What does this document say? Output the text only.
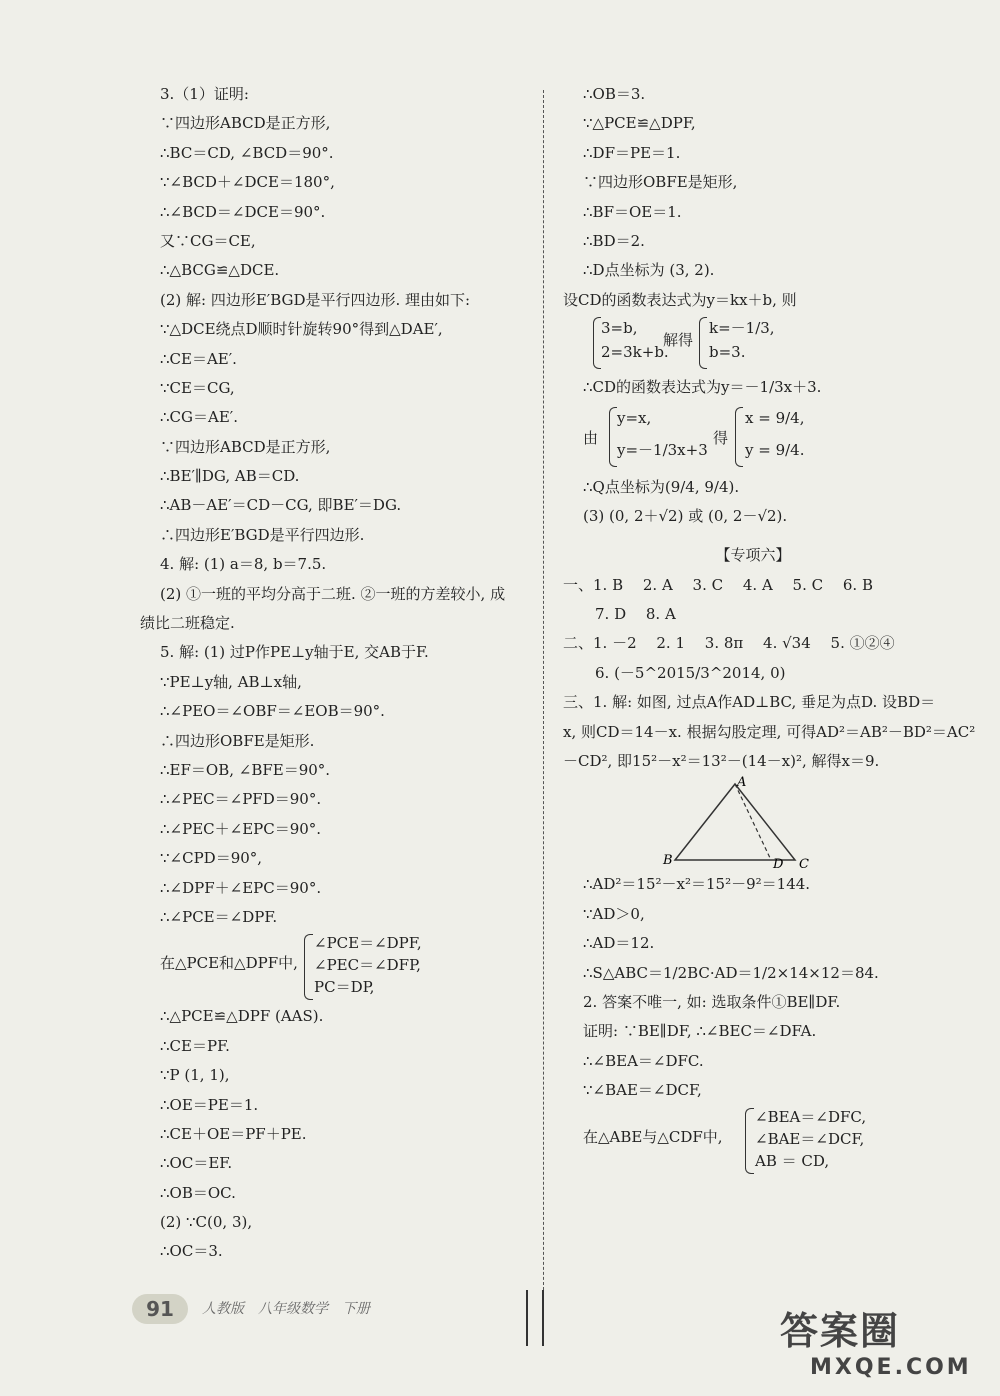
3.（1）证明:
∵四边形ABCD是正方形,
∴BC＝CD, ∠BCD＝90°.
∵∠BCD＋∠DCE＝180°,
∴∠BCD＝∠DCE＝90°.
又∵CG＝CE,
∴△BCG≌△DCE.
(2) 解: 四边形E′BGD是平行四边形. 理由如下:
∵△DCE绕点D顺时针旋转90°得到△DAE′,
∴CE＝AE′.
∵CE＝CG,
∴CG＝AE′.
∵四边形ABCD是正方形,
∴BE′∥DG, AB＝CD.
∴AB－AE′＝CD－CG, 即BE′＝DG.
∴四边形E′BGD是平行四边形.
4. 解: (1) a＝8, b＝7.5.
(2) ①一班的平均分高于二班. ②一班的方差较小, 成
绩比二班稳定.
5. 解: (1) 过P作PE⊥y轴于E, 交AB于F.
∵PE⊥y轴, AB⊥x轴,
∴∠PEO＝∠OBF＝∠EOB＝90°.
∴四边形OBFE是矩形.
∴EF＝OB, ∠BFE＝90°.
∴∠PEC＝∠PFD＝90°.
∴∠PEC＋∠EPC＝90°.
∵∠CPD＝90°,
∴∠DPF＋∠EPC＝90°.
∴∠PCE＝∠DPF.
在△PCE和△DPF中,
∠PCE＝∠DPF,
∠PEC＝∠DFP,
PC＝DP,
∴△PCE≌△DPF (AAS).
∴CE＝PF.
∵P (1, 1),
∴OE＝PE＝1.
∴CE＋OE＝PF＋PE.
∴OC＝EF.
∴OB＝OC.
(2) ∵C(0, 3),
∴OC＝3.
∴OB＝3.
∵△PCE≌△DPF,
∴DF＝PE＝1.
∵四边形OBFE是矩形,
∴BF＝OE＝1.
∴BD＝2.
∴D点坐标为 (3, 2).
设CD的函数表达式为y＝kx＋b, 则
3=b,
2=3k+b.
解得
k=－1/3,
b=3.
∴CD的函数表达式为y＝－1/3x＋3.
由
y=x,
y=－1/3x+3
得
x = 9/4,
y = 9/4.
∴Q点坐标为(9/4, 9/4).
(3) (0, 2＋√2) 或 (0, 2－√2).
【专项六】
一、1. B　 2. A　 3. C　 4. A　 5. C　 6. B
7. D　 8. A
二、1. －2　 2. 1　 3. 8π　 4. √34　 5. ①②④
6. (－5^2015/3^2014, 0)
三、1. 解: 如图, 过点A作AD⊥BC, 垂足为点D. 设BD＝
x, 则CD＝14－x. 根据勾股定理, 可得AD²＝AB²－BD²＝AC²
－CD², 即15²－x²＝13²－(14－x)², 解得x＝9.
A
B	C
D
∴AD²＝15²－x²＝15²－9²＝144.
∵AD＞0,
∴AD＝12.
∴S△ABC＝1/2BC·AD＝1/2×14×12＝84.
2. 答案不唯一, 如: 选取条件①BE∥DF.
证明: ∵BE∥DF, ∴∠BEC＝∠DFA.
∴∠BEA＝∠DFC.
∵∠BAE＝∠DCF,
在△ABE与△CDF中,
∠BEA＝∠DFC,
∠BAE＝∠DCF,
AB ＝ CD,
91	人教版　八年级数学　下册	答案圈
MXQE.COM
